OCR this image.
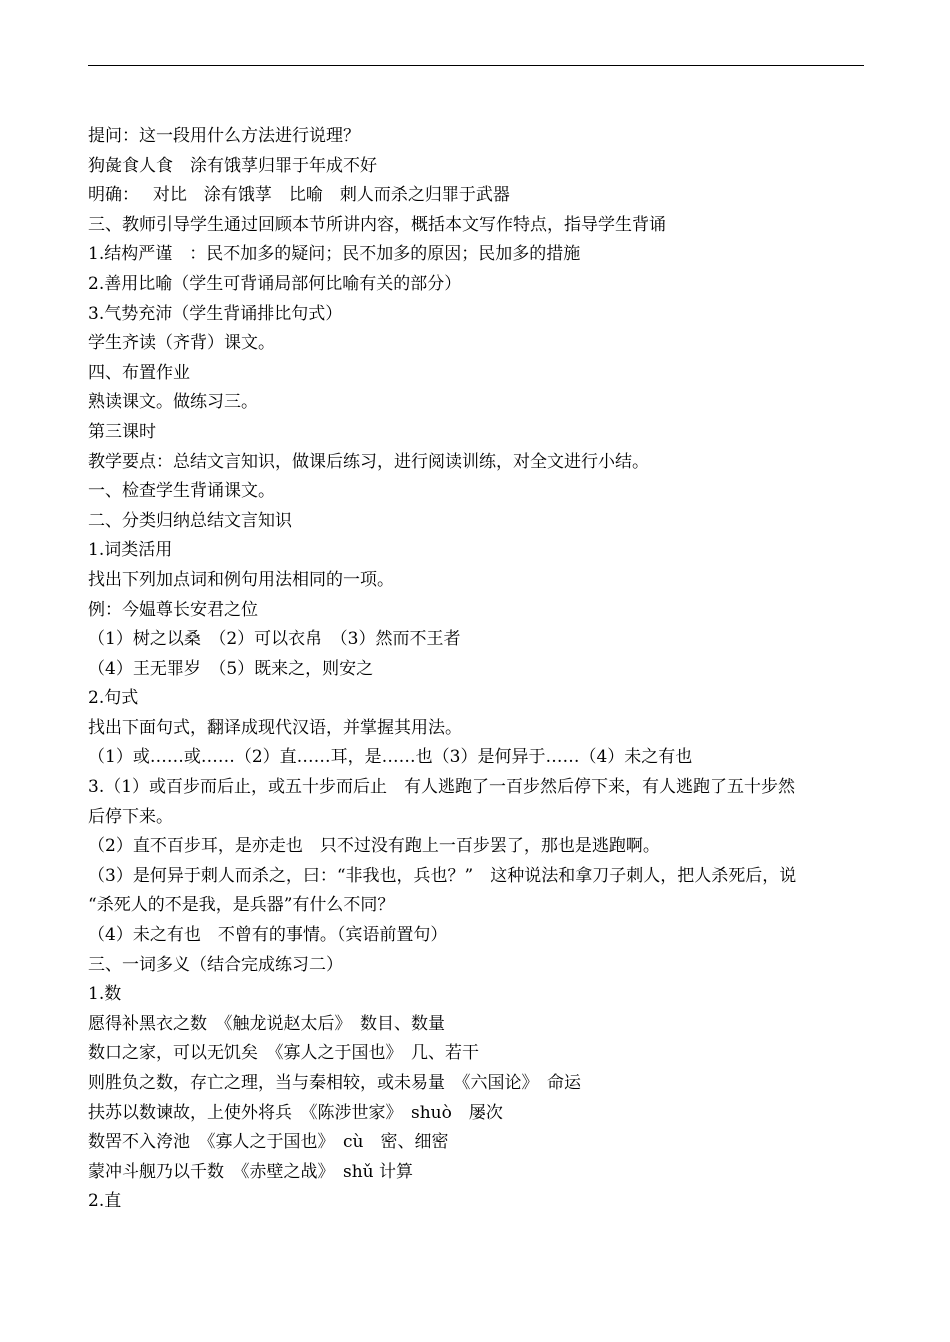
提问：这一段用什么方法进行说理？
狗彘食人食　涂有饿莩归罪于年成不好
明确：　 对比　涂有饿莩　比喻　刺人而杀之归罪于武器
三、教师引导学生通过回顾本节所讲内容，概括本文写作特点，指导学生背诵
1.结构严谨　：民不加多的疑问；民不加多的原因；民加多的措施
2.善用比喻（学生可背诵局部何比喻有关的部分）
3.气势充沛（学生背诵排比句式）
学生齐读（齐背）课文。
四、布置作业
熟读课文。做练习三。
第三课时
教学要点：总结文言知识，做课后练习，进行阅读训练，对全文进行小结。
一、检查学生背诵课文。
二、分类归纳总结文言知识
1.词类活用
找出下列加点词和例句用法相同的一项。
例：今媪尊长安君之位
（1）树之以桑　（2）可以衣帛　（3）然而不王者
（4）王无罪岁　（5）既来之，则安之
2.句式
找出下面句式，翻译成现代汉语，并掌握其用法。
（1）或……或……（2）直……耳，是……也（3）是何异于……（4）未之有也
3.（1）或百步而后止，或五十步而后止　有人逃跑了一百步然后停下来，有人逃跑了五十步然
后停下来。
（2）直不百步耳，是亦走也　只不过没有跑上一百步罢了，那也是逃跑啊。
（3）是何异于刺人而杀之，曰：“非我也，兵也？”　这种说法和拿刀子刺人，把人杀死后，说
“杀死人的不是我，是兵器”有什么不同？
（4）未之有也　不曾有的事情。（宾语前置句）
三、一词多义（结合完成练习二）
1.数
愿得补黑衣之数　《触龙说赵太后》　数目、数量
数口之家，可以无饥矣　《寡人之于国也》　几、若干
则胜负之数，存亡之理，当与秦相较，或未易量　《六国论》　命运
扶苏以数谏故，上使外将兵　《陈涉世家》　shuò　屡次
数罟不入洿池　《寡人之于国也》　cù　密、细密
蒙冲斗舰乃以千数　《赤壁之战》　shǔ 计算
2.直
